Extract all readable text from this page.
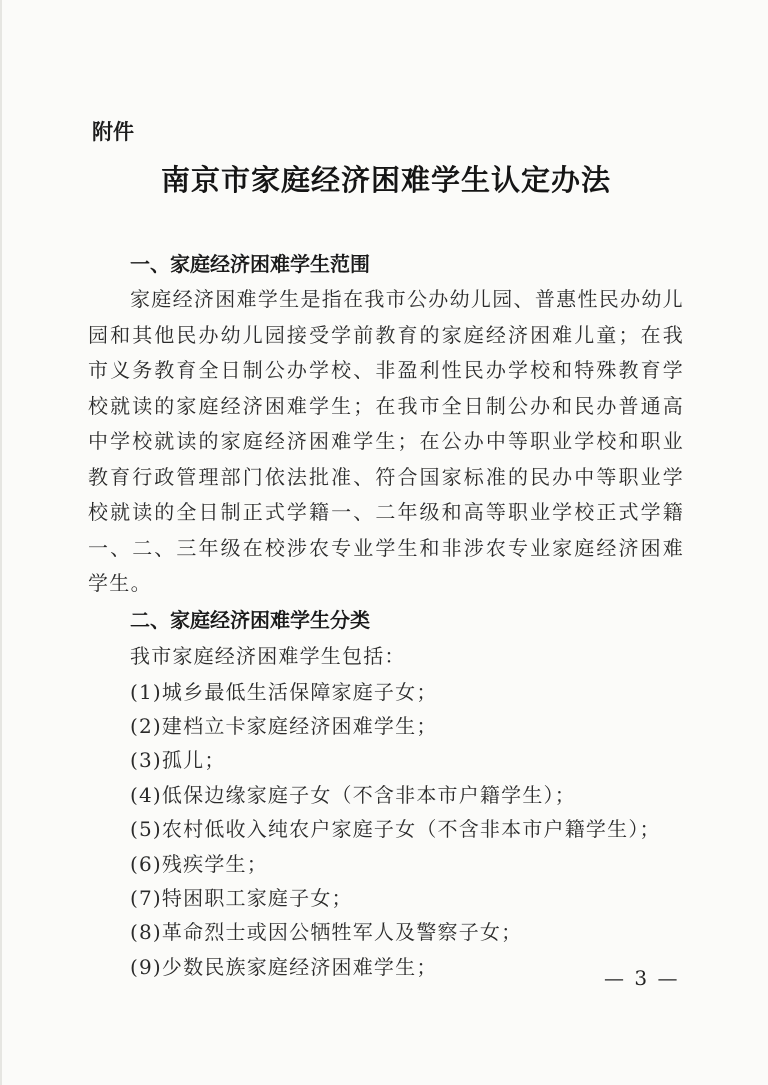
附件
南京市家庭经济困难学生认定办法

一、家庭经济困难学生范围

家庭经济困难学生是指在我市公办幼儿园、普惠性民办幼儿园和其他民办幼儿园接受学前教育的家庭经济困难儿童；在我市义务教育全日制公办学校、非盈利性民办学校和特殊教育学校就读的家庭经济困难学生；在我市全日制公办和民办普通高中学校就读的家庭经济困难学生；在公办中等职业学校和职业教育行政管理部门依法批准、符合国家标准的民办中等职业学校就读的全日制正式学籍一、二年级和高等职业学校正式学籍一、二、三年级在校涉农专业学生和非涉农专业家庭经济困难学生。

二、家庭经济困难学生分类

我市家庭经济困难学生包括：

(1)城乡最低生活保障家庭子女；
(2)建档立卡家庭经济困难学生；
(3)孤儿；
(4)低保边缘家庭子女（不含非本市户籍学生）；
(5)农村低收入纯农户家庭子女（不含非本市户籍学生）；
(6)残疾学生；
(7)特困职工家庭子女；
(8)革命烈士或因公牺牲军人及警察子女；
(9)少数民族家庭经济困难学生；	— 3 —
